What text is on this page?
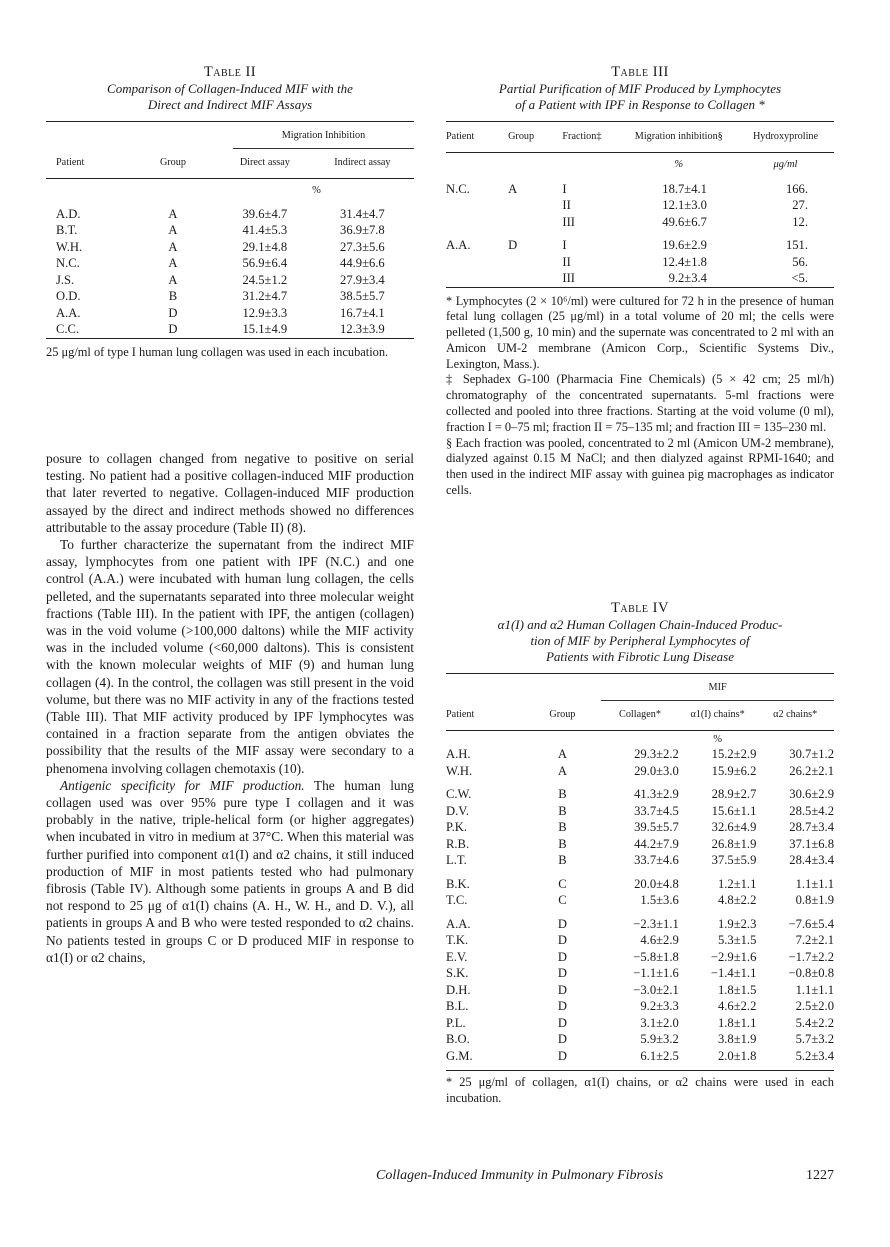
Table II
Comparison of Collagen-Induced MIF with the
Direct and Indirect MIF Assays

		Migration Inhibition	

Patient	Group	Direct assay	Indirect assay
		%	
A.D.	A	39.6±4.7	31.4±4.7
B.T.	A	41.4±5.3	36.9±7.8
W.H.	A	29.1±4.8	27.3±5.6
N.C.	A	56.9±6.4	44.9±6.6
J.S.	A	24.5±1.2	27.9±3.4
O.D.	B	31.2±4.7	38.5±5.7
A.A.	D	12.9±3.3	16.7±4.1
C.C.	D	15.1±4.9	12.3±3.9
25 μg/ml of type I human lung collagen was used in each incubation.

posure to collagen changed from negative to positive on serial testing. No patient had a positive collagen-induced MIF production that later reverted to negative. Collagen-induced MIF production assayed by the direct and indirect methods showed no differences attributable to the assay procedure (Table II) (8).

To further characterize the supernatant from the indirect MIF assay, lymphocytes from one patient with IPF (N.C.) and one control (A.A.) were incubated with human lung collagen, the cells pelleted, and the supernatants separated into three molecular weight fractions (Table III). In the patient with IPF, the antigen (collagen) was in the void volume (>100,000 daltons) while the MIF activity was in the included volume (<60,000 daltons). This is consistent with the known molecular weights of MIF (9) and human lung collagen (4). In the control, the collagen was still present in the void volume, but there was no MIF activity in any of the fractions tested (Table III). That MIF activity produced by IPF lymphocytes was contained in a fraction separate from the antigen obviates the possibility that the results of the MIF assay were secondary to a phenomena involving collagen chemotaxis (10).

Antigenic specificity for MIF production. The human lung collagen used was over 95% pure type I collagen and it was probably in the native, triple-helical form (or higher aggregates) when incubated in vitro in medium at 37°C. When this material was further purified into component α1(I) and α2 chains, it still induced production of MIF in most patients tested who had pulmonary fibrosis (Table IV). Although some patients in groups A and B did not respond to 25 μg of α1(I) chains (A. H., W. H., and D. V.), all patients in groups A and B who were tested responded to α2 chains. No patients tested in groups C or D produced MIF in response to α1(I) or α2 chains,

Table III
Partial Purification of MIF Produced by Lymphocytes
of a Patient with IPF in Response to Collagen *
Patient	Group	Fraction‡	Migration inhibition§	Hydroxyproline
			%	μg/ml
N.C.	A	I	18.7±4.1	166.
		II	12.1±3.0	27.
		III	49.6±6.7	12.
A.A.	D	I	19.6±2.9	151.
		II	12.4±1.8	56.
		III	9.2±3.4	<5.
* Lymphocytes (2 × 10⁶/ml) were cultured for 72 h in the presence of human fetal lung collagen (25 μg/ml) in a total volume of 20 ml; the cells were pelleted (1,500 g, 10 min) and the supernate was concentrated to 2 ml with an Amicon UM-2 membrane (Amicon Corp., Scientific Systems Div., Lexington, Mass.).
‡ Sephadex G-100 (Pharmacia Fine Chemicals) (5 × 42 cm; 25 ml/h) chromatography of the concentrated supernatants. 5-ml fractions were collected and pooled into three fractions. Starting at the void volume (0 ml), fraction I = 0–75 ml; fraction II = 75–135 ml; and fraction III = 135–230 ml.
§ Each fraction was pooled, concentrated to 2 ml (Amicon UM-2 membrane), dialyzed against 0.15 M NaCl; and then dialyzed against RPMI-1640; and then used in the indirect MIF assay with guinea pig macrophages as indicator cells.
Table IV
α1(I) and α2 Human Collagen Chain-Induced Produc-
tion of MIF by Peripheral Lymphocytes of
Patients with Fibrotic Lung Disease

		MIF		

Patient	Group	Collagen*	α1(I) chains*	α2 chains*
			%	
A.H.	A	29.3±2.2	15.2±2.9	30.7±1.2
W.H.	A	29.0±3.0	15.9±6.2	26.2±2.1
C.W.	B	41.3±2.9	28.9±2.7	30.6±2.9
D.V.	B	33.7±4.5	15.6±1.1	28.5±4.2
P.K.	B	39.5±5.7	32.6±4.9	28.7±3.4
R.B.	B	44.2±7.9	26.8±1.9	37.1±6.8
L.T.	B	33.7±4.6	37.5±5.9	28.4±3.4
B.K.	C	20.0±4.8	1.2±1.1	1.1±1.1
T.C.	C	1.5±3.6	4.8±2.2	0.8±1.9
A.A.	D	−2.3±1.1	1.9±2.3	−7.6±5.4
T.K.	D	4.6±2.9	5.3±1.5	7.2±2.1
E.V.	D	−5.8±1.8	−2.9±1.6	−1.7±2.2
S.K.	D	−1.1±1.6	−1.4±1.1	−0.8±0.8
D.H.	D	−3.0±2.1	1.8±1.5	1.1±1.1
B.L.	D	9.2±3.3	4.6±2.2	2.5±2.0
P.L.	D	3.1±2.0	1.8±1.1	5.4±2.2
B.O.	D	5.9±3.2	3.8±1.9	5.7±3.2
G.M.	D	6.1±2.5	2.0±1.8	5.2±3.4
* 25 μg/ml of collagen, α1(I) chains, or α2 chains were used in each incubation.
Collagen-Induced Immunity in Pulmonary Fibrosis	1227
